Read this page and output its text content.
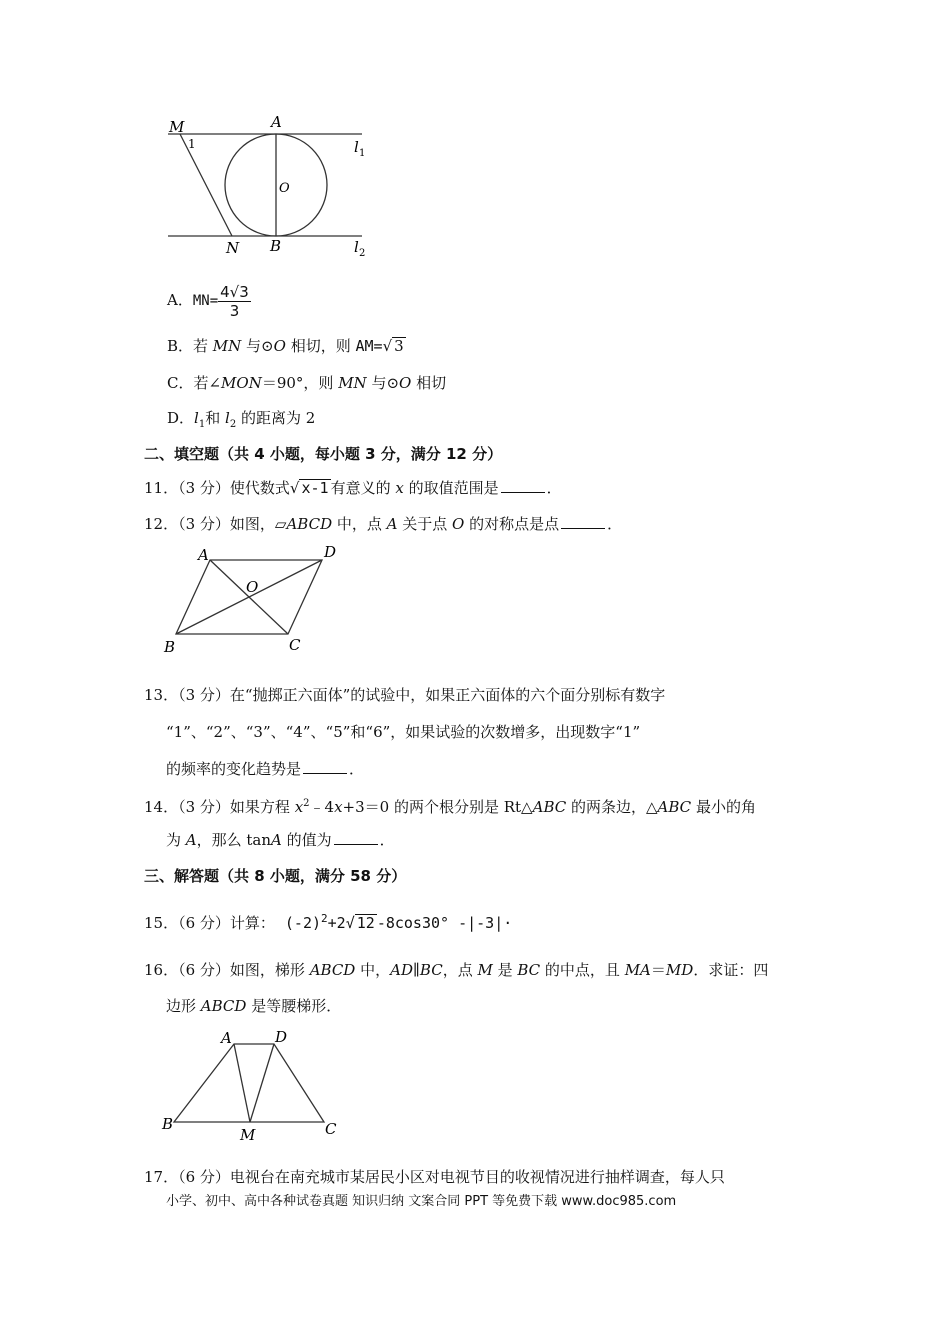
M
1
A
O
l 1
N B	l 2
A．$MN= \frac{4√3}{3}$
B．若 MN 与⊙O 相切，则 AM=√ 3
C．若∠MON＝90°，则 MN 与⊙O 相切
D．$l_1$和 $l_2$ 的距离为 2
二、填空题（共 4 小题，每小题 3 分，满分 12 分）
11．（3 分）使代数式√ x-1 有意义的 x 的取值范围是	．
12．（3 分）如图，▱ABCD 中，点 A 关于点 O 的对称点是点	．
A	D
O
B	C
13．（3 分）在“抛掷正六面体”的试验中，如果正六面体的六个面分别标有数字
“1”、“2”、“3”、“4”、“5”和“6”，如果试验的次数增多，出现数字“1”
的频率的变化趋势是	．
14．（3 分）如果方程 $x^2﹣4x+3=0$ 的两个根分别是 Rt△ABC 的两条边，△ABC 最小的角
为 A，那么 tanA 的值为	．
三、解答题（共 8 小题，满分 58 分）
15．（6 分）计算： $(-2)^2+2√$ 12 -8cos30° -|-3|·
16．（6 分）如图，梯形 ABCD 中，AD∥BC，点 M 是 BC 的中点，且 MA＝MD．求证：四
边形 ABCD 是等腰梯形．
A	D
B
M	C
17．（6 分）电视台在南充城市某居民小区对电视节目的收视情况进行抽样调查，每人只
小学、初中、高中各种试卷真题 知识归纳 文案合同 PPT 等免费下载 www.doc985.com
